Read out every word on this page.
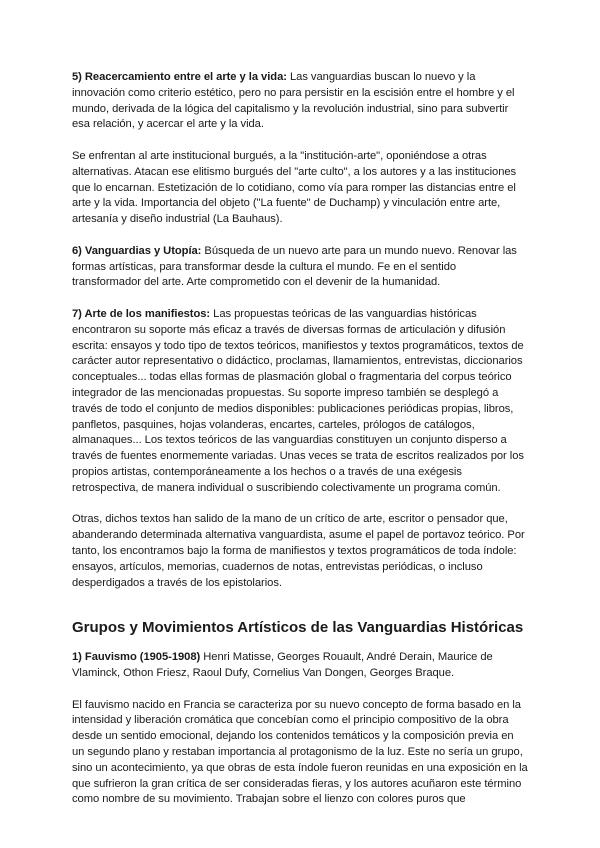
5) Reacercamiento entre el arte y la vida: Las vanguardias buscan lo nuevo y la innovación como criterio estético, pero no para persistir en la escisión entre el hombre y el mundo, derivada de la lógica del capitalismo y la revolución industrial, sino para subvertir esa relación, y acercar el arte y la vida.

Se enfrentan al arte institucional burgués, a la "institución-arte", oponiéndose a otras alternativas. Atacan ese elitismo burgués del "arte culto", a los autores y a las instituciones que lo encarnan. Estetización de lo cotidiano, como vía para romper las distancias entre el arte y la vida. Importancia del objeto ("La fuente" de Duchamp) y vinculación entre arte, artesanía y diseño industrial (La Bauhaus).

6) Vanguardias y Utopía: Búsqueda de un nuevo arte para un mundo nuevo. Renovar las formas artísticas, para transformar desde la cultura el mundo. Fe en el sentido transformador del arte. Arte comprometido con el devenir de la humanidad.

7) Arte de los manifiestos: Las propuestas teóricas de las vanguardias históricas encontraron su soporte más eficaz a través de diversas formas de articulación y difusión escrita: ensayos y todo tipo de textos teóricos, manifiestos y textos programáticos, textos de carácter autor representativo o didáctico, proclamas, llamamientos, entrevistas, diccionarios conceptuales... todas ellas formas de plasmación global o fragmentaria del corpus teórico integrador de las mencionadas propuestas. Su soporte impreso también se desplegó a través de todo el conjunto de medios disponibles: publicaciones periódicas propias, libros, panfletos, pasquines, hojas volanderas, encartes, carteles, prólogos de catálogos, almanaques... Los textos teóricos de las vanguardias constituyen un conjunto disperso a través de fuentes enormemente variadas. Unas veces se trata de escritos realizados por los propios artistas, contemporáneamente a los hechos o a través de una exégesis retrospectiva, de manera individual o suscribiendo colectivamente un programa común.

Otras, dichos textos han salido de la mano de un crítico de arte, escritor o pensador que, abanderando determinada alternativa vanguardista, asume el papel de portavoz teórico. Por tanto, los encontramos bajo la forma de manifiestos y textos programáticos de toda índole: ensayos, artículos, memorias, cuadernos de notas, entrevistas periódicas, o incluso desperdigados a través de los epistolarios.

Grupos y Movimientos Artísticos de las Vanguardias Históricas

1) Fauvismo (1905-1908) Henri Matisse, Georges Rouault, André Derain, Maurice de Vlaminck, Othon Friesz, Raoul Dufy, Cornelius Van Dongen, Georges Braque.

El fauvismo nacido en Francia se caracteriza por su nuevo concepto de forma basado en la intensidad y liberación cromática que concebían como el principio compositivo de la obra desde un sentido emocional, dejando los contenidos temáticos y la composición previa en un segundo plano y restaban importancia al protagonismo de la luz. Este no sería un grupo, sino un acontecimiento, ya que obras de esta índole fueron reunidas en una exposición en la que sufrieron la gran crítica de ser consideradas fieras, y los autores acuñaron este término como nombre de su movimiento. Trabajan sobre el lienzo con colores puros que
